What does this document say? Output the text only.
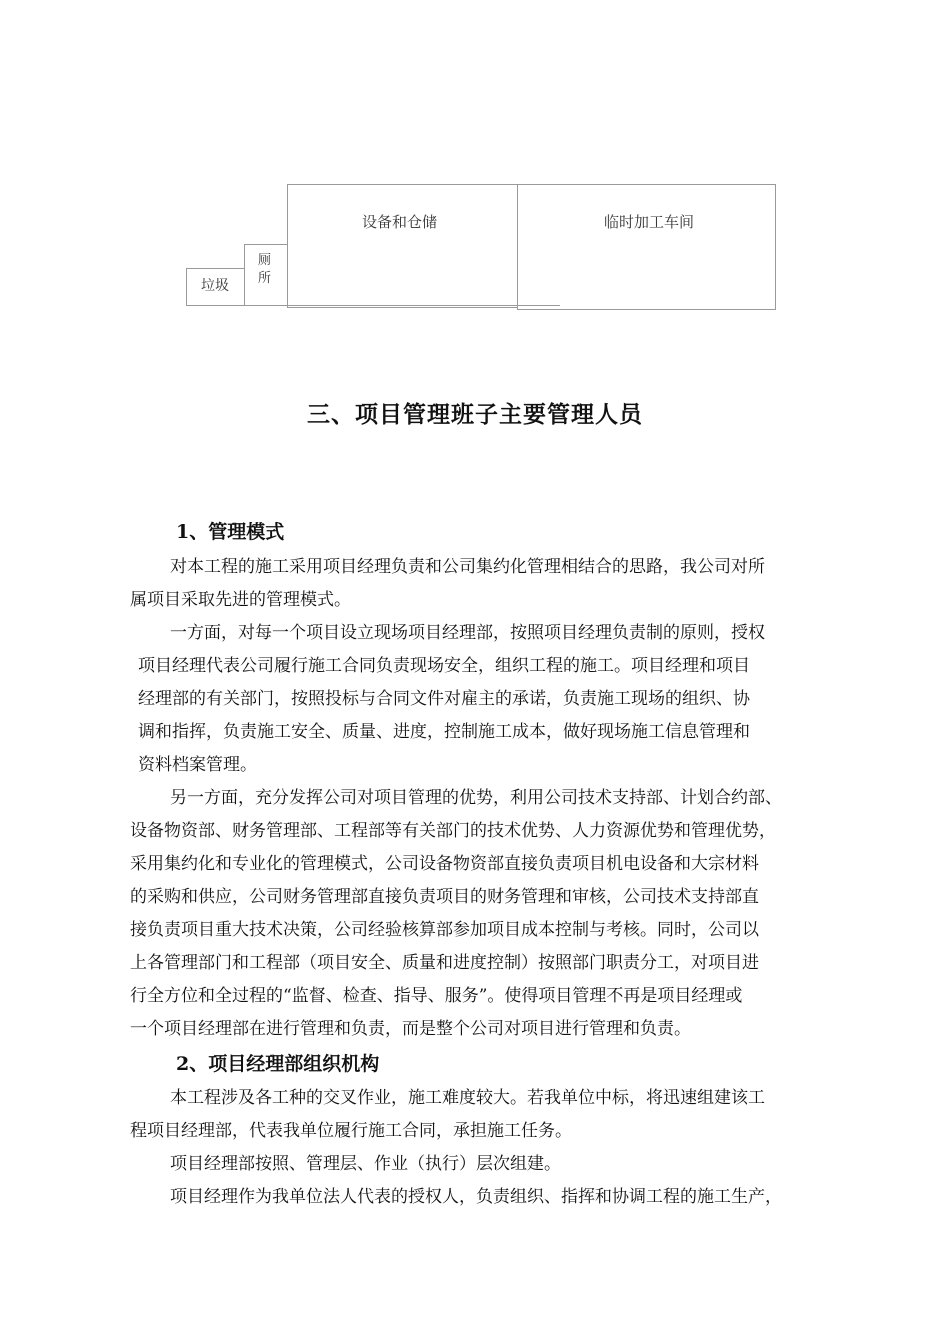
设备和仓储	临时加工车间
厕
所
垃圾
三、项目管理班子主要管理人员
1、管理模式
对本工程的施工采用项目经理负责和公司集约化管理相结合的思路，我公司对所
属项目采取先进的管理模式。
一方面，对每一个项目设立现场项目经理部，按照项目经理负责制的原则，授权
项目经理代表公司履行施工合同负责现场安全，组织工程的施工。项目经理和项目
经理部的有关部门，按照投标与合同文件对雇主的承诺，负责施工现场的组织、协
调和指挥，负责施工安全、质量、进度，控制施工成本，做好现场施工信息管理和
资料档案管理。
另一方面，充分发挥公司对项目管理的优势，利用公司技术支持部、计划合约部、
设备物资部、财务管理部、工程部等有关部门的技术优势、人力资源优势和管理优势，
采用集约化和专业化的管理模式，公司设备物资部直接负责项目机电设备和大宗材料
的采购和供应，公司财务管理部直接负责项目的财务管理和审核，公司技术支持部直
接负责项目重大技术决策，公司经验核算部参加项目成本控制与考核。同时，公司以
上各管理部门和工程部（项目安全、质量和进度控制）按照部门职责分工，对项目进
行全方位和全过程的“监督、检查、指导、服务”。使得项目管理不再是项目经理或
一个项目经理部在进行管理和负责，而是整个公司对项目进行管理和负责。
2、项目经理部组织机构
本工程涉及各工种的交叉作业，施工难度较大。若我单位中标，将迅速组建该工
程项目经理部，代表我单位履行施工合同，承担施工任务。
项目经理部按照、管理层、作业（执行）层次组建。
项目经理作为我单位法人代表的授权人，负责组织、指挥和协调工程的施工生产，
